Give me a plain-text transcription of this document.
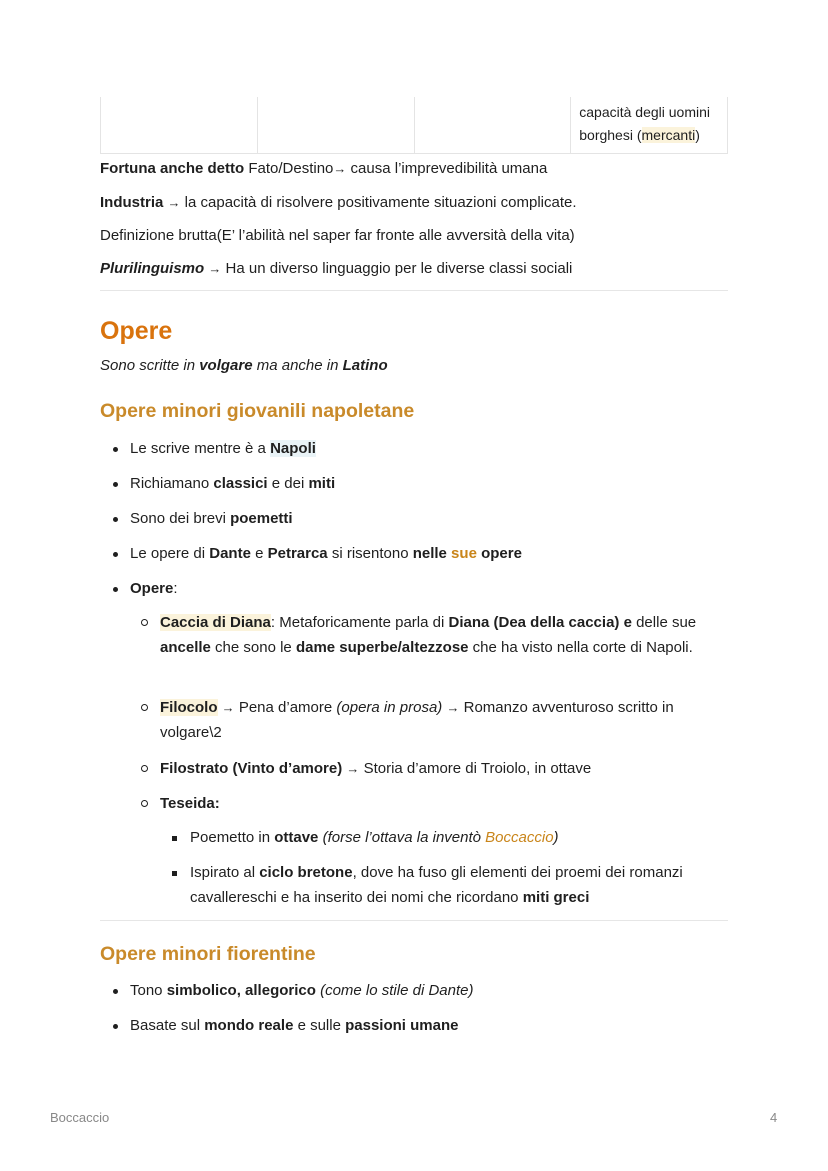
			capacità degli uomini
borghesi (mercanti)
Fortuna anche detto Fato/Destino→ causa l’imprevedibilità umana
Industria → la capacità di risolvere positivamente situazioni complicate.
Definizione brutta(E’ l’abilità nel saper far fronte alle avversità della vita)
Plurilinguismo → Ha un diverso linguaggio per le diverse classi sociali
Opere
Sono scritte in volgare ma anche in Latino
Opere minori giovanili napoletane
Le scrive mentre è a Napoli
Richiamano classici e dei miti
Sono dei brevi poemetti
Le opere di Dante e Petrarca si risentono nelle sue opere
Opere:
Caccia di Diana: Metaforicamente parla di Diana (Dea della caccia) e delle sue ancelle che sono le dame superbe/altezzose che ha visto nella corte di Napoli.
Filocolo → Pena d’amore (opera in prosa) → Romanzo avventuroso scritto in volgare\2
Filostrato (Vinto d’amore) → Storia d’amore di Troiolo, in ottave
Teseida:
Poemetto in ottave (forse l’ottava la inventò Boccaccio)
Ispirato al ciclo bretone, dove ha fuso gli elementi dei proemi dei romanzi cavallereschi e ha inserito dei nomi che ricordano miti greci
Opere minori fiorentine
Tono simbolico, allegorico (come lo stile di Dante)
Basate sul mondo reale e sulle passioni umane
Boccaccio	4
